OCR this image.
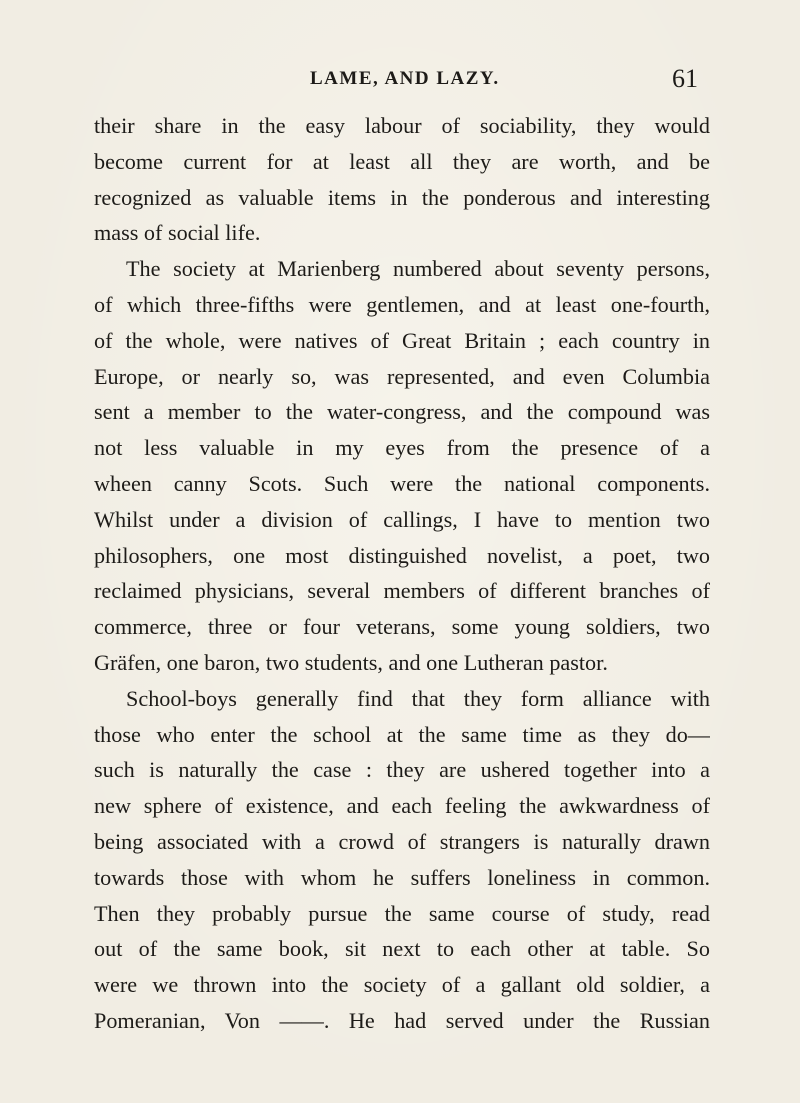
LAME, AND LAZY.	61
their share in the easy labour of sociability, they would
become current for at least all they are worth, and be
recognized as valuable items in the ponderous and interesting
mass of social life.
The society at Marienberg numbered about seventy persons,
of which three-fifths were gentlemen, and at least one-fourth,
of the whole, were natives of Great Britain ; each country in
Europe, or nearly so, was represented, and even Columbia
sent a member to the water-congress, and the compound was
not less valuable in my eyes from the presence of a
wheen canny Scots. Such were the national components.
Whilst under a division of callings, I have to mention two
philosophers, one most distinguished novelist, a poet, two
reclaimed physicians, several members of different branches of
commerce, three or four veterans, some young soldiers, two
Gräfen, one baron, two students, and one Lutheran pastor.
School-boys generally find that they form alliance with
those who enter the school at the same time as they do—
such is naturally the case : they are ushered together into a
new sphere of existence, and each feeling the awkwardness of
being associated with a crowd of strangers is naturally drawn
towards those with whom he suffers loneliness in common.
Then they probably pursue the same course of study, read
out of the same book, sit next to each other at table. So
were we thrown into the society of a gallant old soldier, a
Pomeranian, Von ——. He had served under the Russian
